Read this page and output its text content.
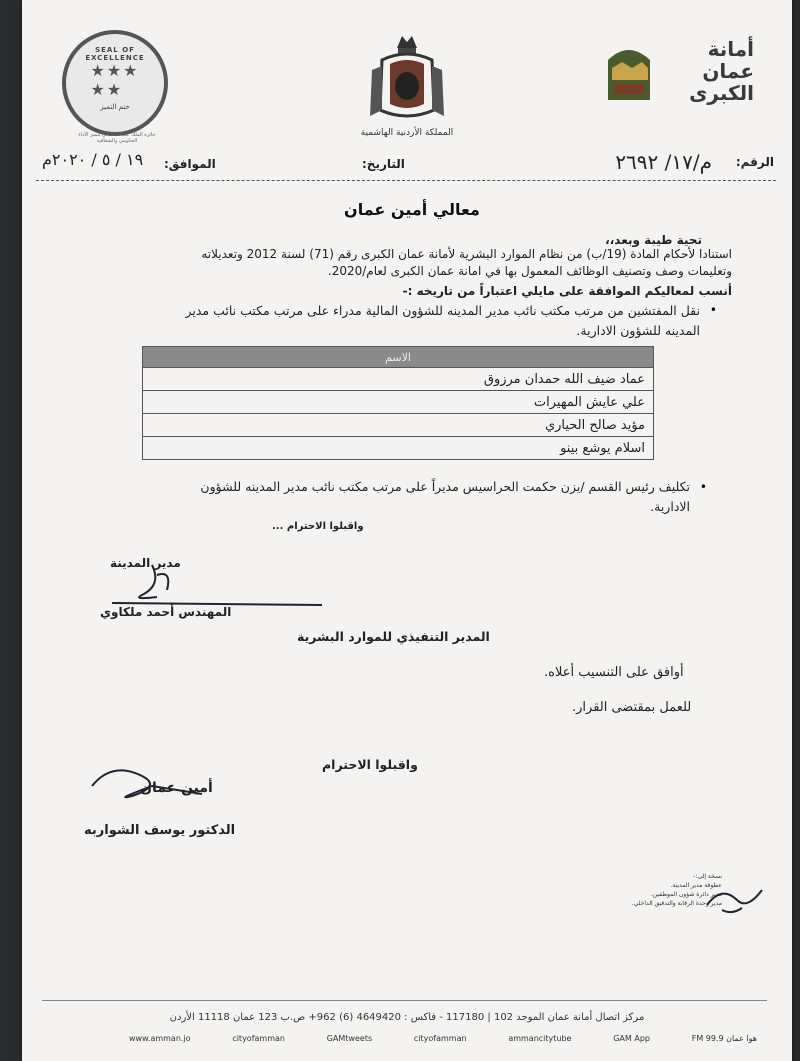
SEAL OF EXCELLENCE
★★★
★★
ختم التميز
جائزة الملك عبدالله الثاني لتميز الأداء الحكومي والشفافية
المملكة الأردنية الهاشمية
أمانة
عمان
الكبرى
الرقم:
م/١٧/ ٢٦٩٢
التاريخ:
الموافق:
١٩ / ٥ / ٢٠٢٠م
معالي أمين عمان
تحية طيبة وبعد،،
استنادا لأحكام المادة (19/ب) من نظام الموارد البشرية لأمانة عمان الكبرى رقم (71) لسنة 2012 وتعديلاته
وتعليمات وصف وتصنيف الوظائف المعمول بها في امانة عمان الكبرى لعام/2020.
أنسب لمعاليكم الموافقة على مايلي اعتباراً من تاريخه :-
•
نقل المفتشين من مرتب مكتب نائب مدير المدينه للشؤون المالية مدراء على مرتب مكتب نائب مدير
المدينه للشؤون الادارية.
الاسم
عماد ضيف الله حمدان مرزوق
علي عايش المهيرات
مؤيد صالح الحياري
اسلام يوشع بينو
•
تكليف رئيس القسم /يزن حكمت الحراسيس مديراً على مرتب مكتب نائب مدير المدينه للشؤون
الادارية.
واقبلوا الاحترام ...
مدير المدينة
المهندس أحمد ملكاوي
المدير التنفيذي للموارد البشرية
أوافق على التنسيب أعلاه.
للعمل بمقتضى القرار.
واقبلوا الاحترام
أمين عمان
الدكتور يوسف الشواربه
نسخة إلى:-
عطوفة مدير المدينة.
مدير دائرة شؤون الموظفين.
مدير وحدة الرقابة والتدقيق الداخلي.
مركز اتصال أمانة عمان الموحد 102 | 117180 - فاكس : 4649420 (6) 962+ ص.ب 123 عمان 11118 الأردن
www.amman.jo	cityofamman	GAMtweets	cityofamman	ammancitytube	GAM App	هوا عمان 99.9 FM
